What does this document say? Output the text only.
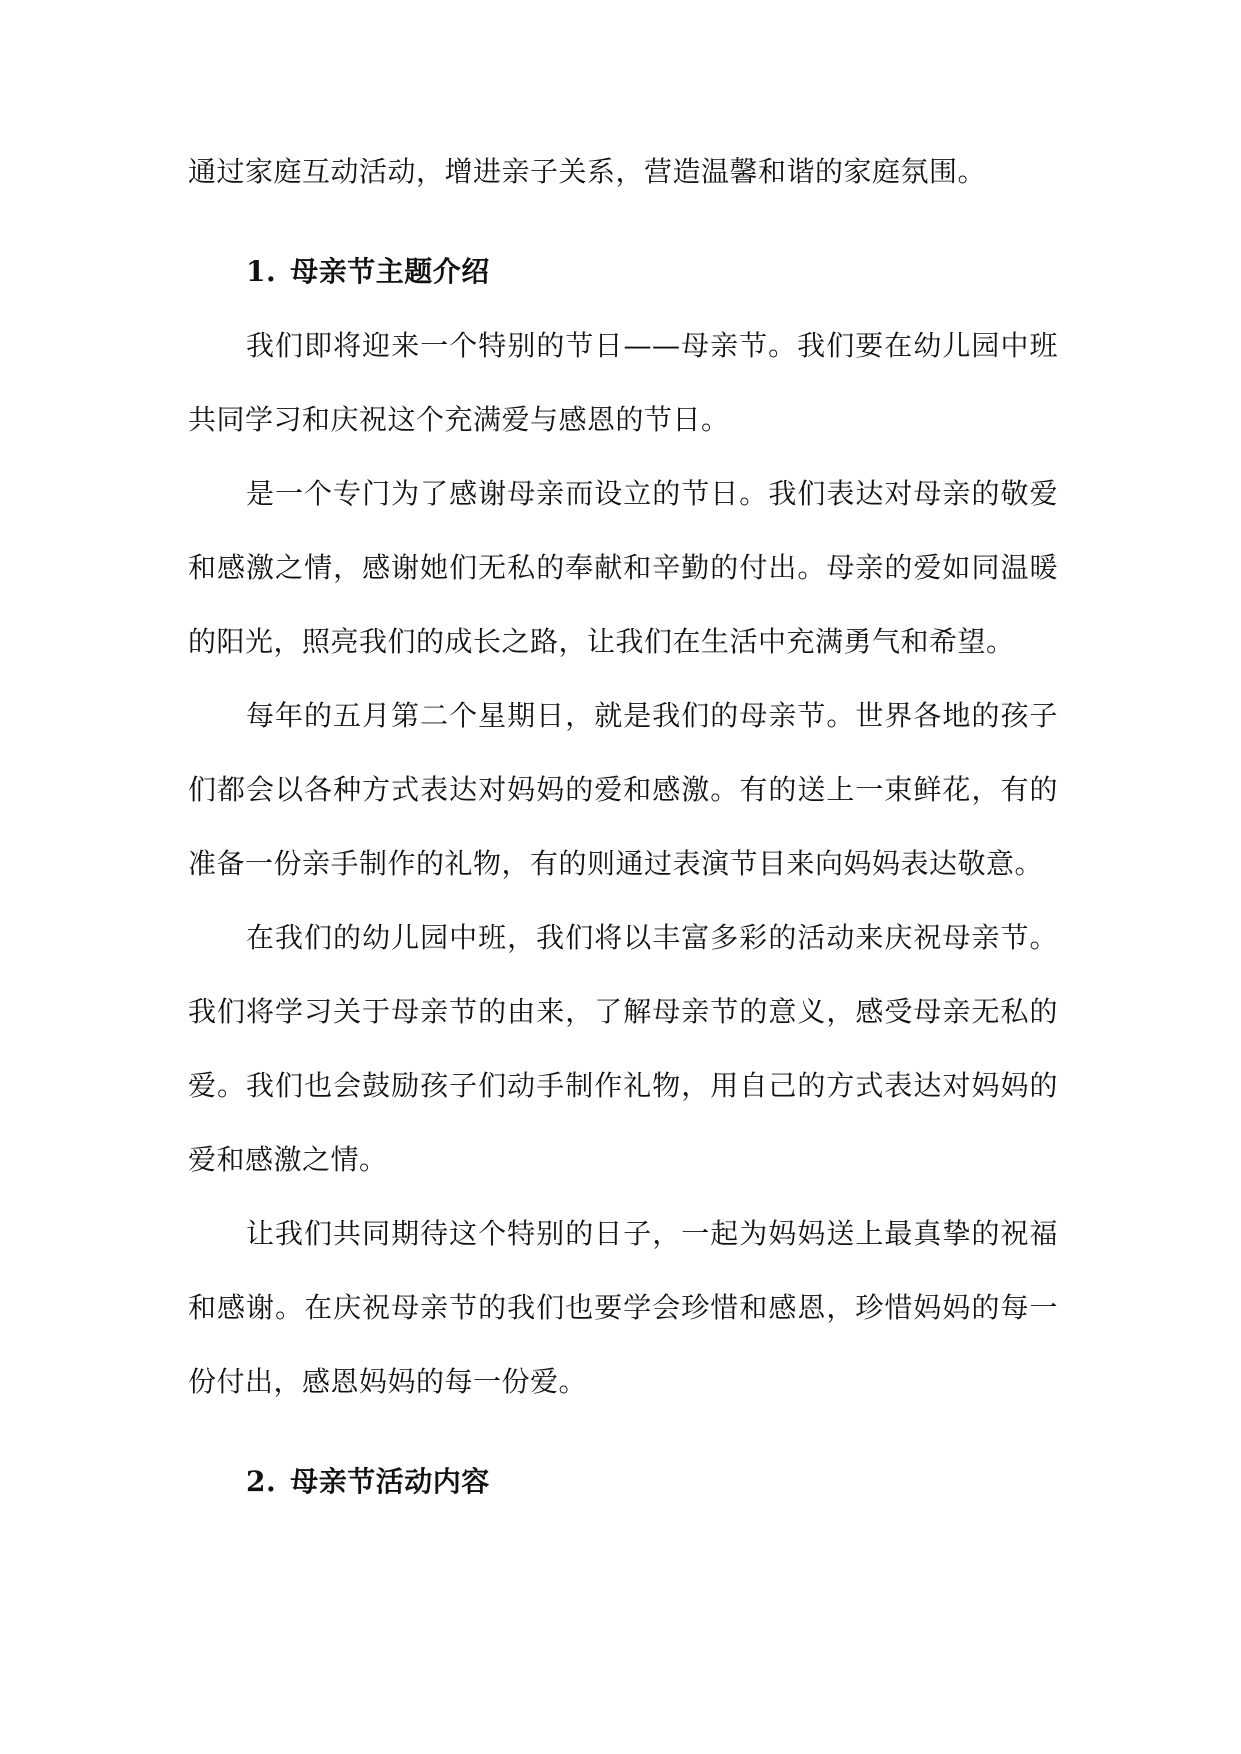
通过家庭互动活动，增进亲子关系，营造温馨和谐的家庭氛围。

1. 母亲节主题介绍

我们即将迎来一个特别的节日——母亲节。我们要在幼儿园中班共同学习和庆祝这个充满爱与感恩的节日。

是一个专门为了感谢母亲而设立的节日。我们表达对母亲的敬爱和感激之情，感谢她们无私的奉献和辛勤的付出。母亲的爱如同温暖的阳光，照亮我们的成长之路，让我们在生活中充满勇气和希望。

每年的五月第二个星期日，就是我们的母亲节。世界各地的孩子们都会以各种方式表达对妈妈的爱和感激。有的送上一束鲜花，有的准备一份亲手制作的礼物，有的则通过表演节目来向妈妈表达敬意。

在我们的幼儿园中班，我们将以丰富多彩的活动来庆祝母亲节。我们将学习关于母亲节的由来，了解母亲节的意义，感受母亲无私的爱。我们也会鼓励孩子们动手制作礼物，用自己的方式表达对妈妈的爱和感激之情。

让我们共同期待这个特别的日子，一起为妈妈送上最真挚的祝福和感谢。在庆祝母亲节的我们也要学会珍惜和感恩，珍惜妈妈的每一份付出，感恩妈妈的每一份爱。

2. 母亲节活动内容
